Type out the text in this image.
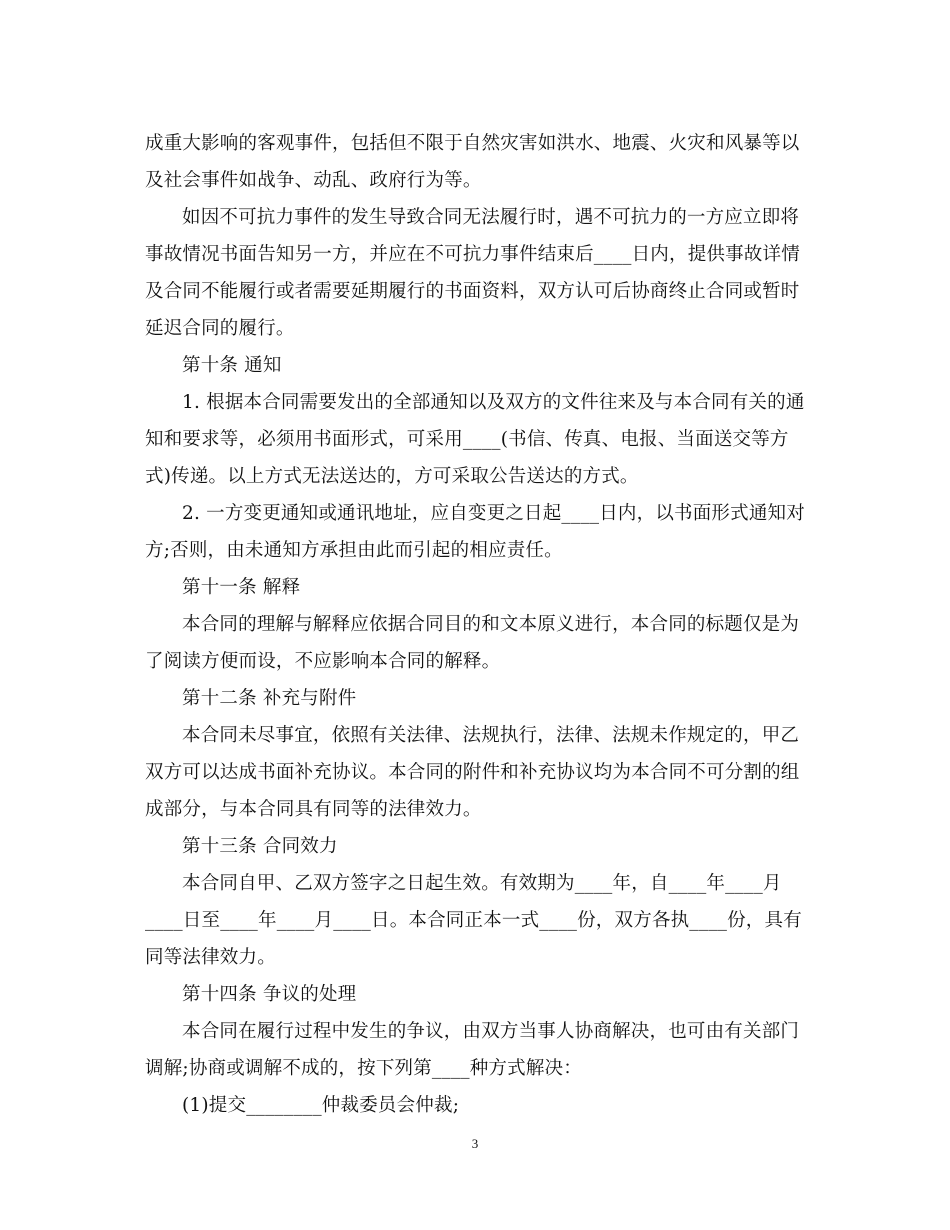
成重大影响的客观事件，包括但不限于自然灾害如洪水、地震、火灾和风暴等以
及社会事件如战争、动乱、政府行为等。
如因不可抗力事件的发生导致合同无法履行时，遇不可抗力的一方应立即将
事故情况书面告知另一方，并应在不可抗力事件结束后____日内，提供事故详情
及合同不能履行或者需要延期履行的书面资料，双方认可后协商终止合同或暂时
延迟合同的履行。
第十条 通知
1. 根据本合同需要发出的全部通知以及双方的文件往来及与本合同有关的通
知和要求等，必须用书面形式，可采用____(书信、传真、电报、当面送交等方
式)传递。以上方式无法送达的，方可采取公告送达的方式。
2. 一方变更通知或通讯地址，应自变更之日起____日内，以书面形式通知对
方;否则，由未通知方承担由此而引起的相应责任。
第十一条 解释
本合同的理解与解释应依据合同目的和文本原义进行，本合同的标题仅是为
了阅读方便而设，不应影响本合同的解释。
第十二条 补充与附件
本合同未尽事宜，依照有关法律、法规执行，法律、法规未作规定的，甲乙
双方可以达成书面补充协议。本合同的附件和补充协议均为本合同不可分割的组
成部分，与本合同具有同等的法律效力。
第十三条 合同效力
本合同自甲、乙双方签字之日起生效。有效期为____年，自____年____月
____日至____年____月____日。本合同正本一式____份，双方各执____份，具有
同等法律效力。
第十四条 争议的处理
本合同在履行过程中发生的争议，由双方当事人协商解决，也可由有关部门
调解;协商或调解不成的，按下列第____种方式解决：
(1)提交________仲裁委员会仲裁;
3
